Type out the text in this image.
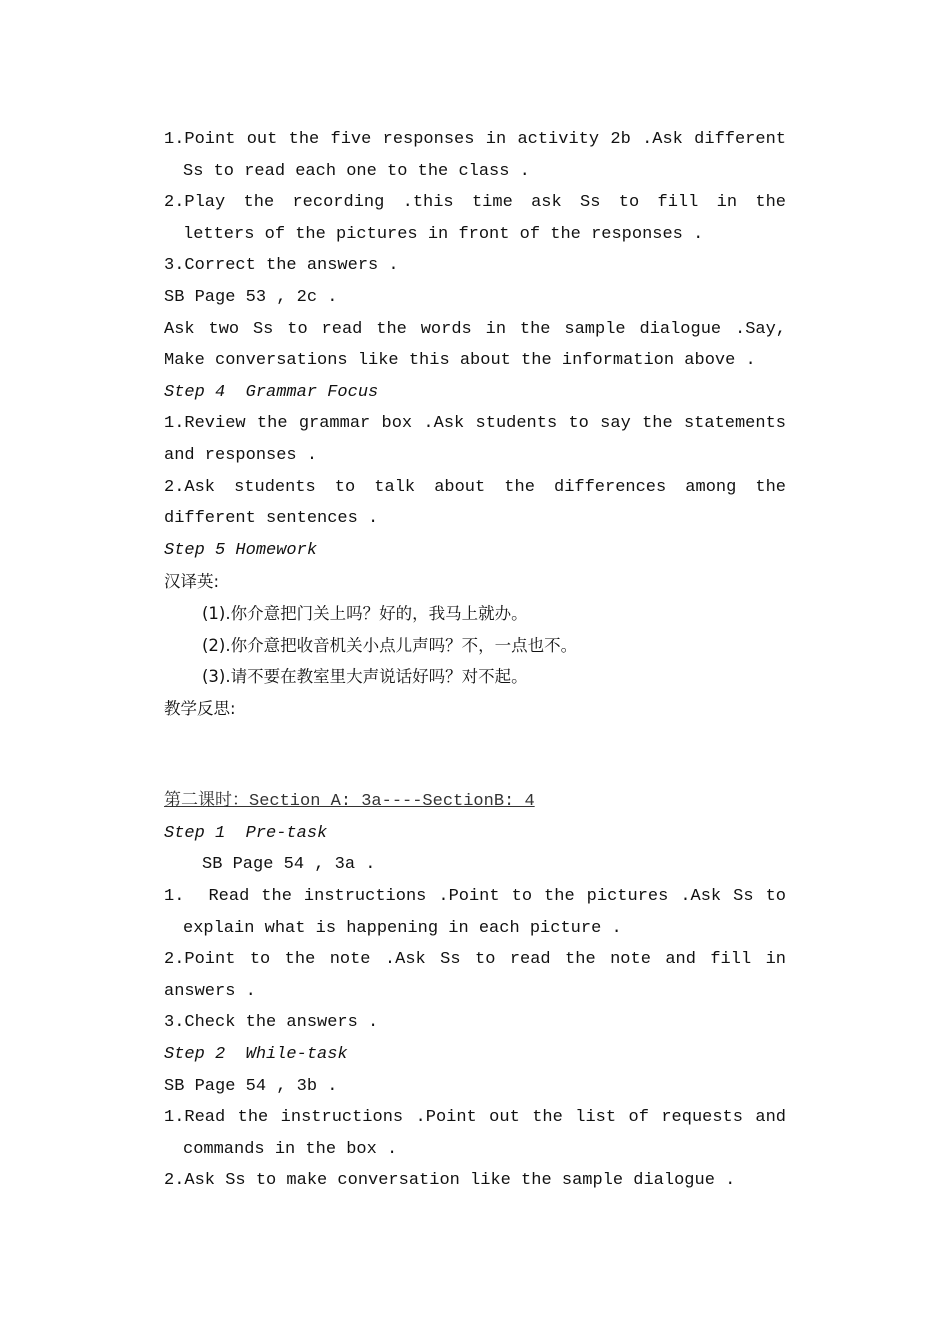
1.Point out the five responses in activity 2b .Ask different Ss to read each one to the class .

2.Play the recording .this time ask Ss to fill in the letters of the pictures in front of the responses .

3.Correct the answers .

SB Page 53 , 2c .

Ask two Ss to read the words in the sample dialogue .Say, Make conversations like this about the information above .

Step 4  Grammar Focus

1.Review the grammar box .Ask students to say the statements and responses .

2.Ask students to talk about the differences among the different sentences .

Step 5 Homework

汉译英:

(1).你介意把门关上吗？好的，我马上就办。

(2).你介意把收音机关小点儿声吗？不，一点也不。

(3).请不要在教室里大声说话好吗？对不起。

教学反思:

第二课时：Section A: 3a----SectionB: 4

Step 1  Pre-task

SB Page 54 , 3a .

1.  Read the instructions .Point to the pictures .Ask Ss to explain what is happening in each picture .

2.Point to the note .Ask Ss to read the note and fill in answers .

3.Check the answers .

Step 2  While-task

SB Page 54 , 3b .

1.Read the instructions .Point out the list of requests and commands in the box .

2.Ask Ss to make conversation like the sample dialogue .
